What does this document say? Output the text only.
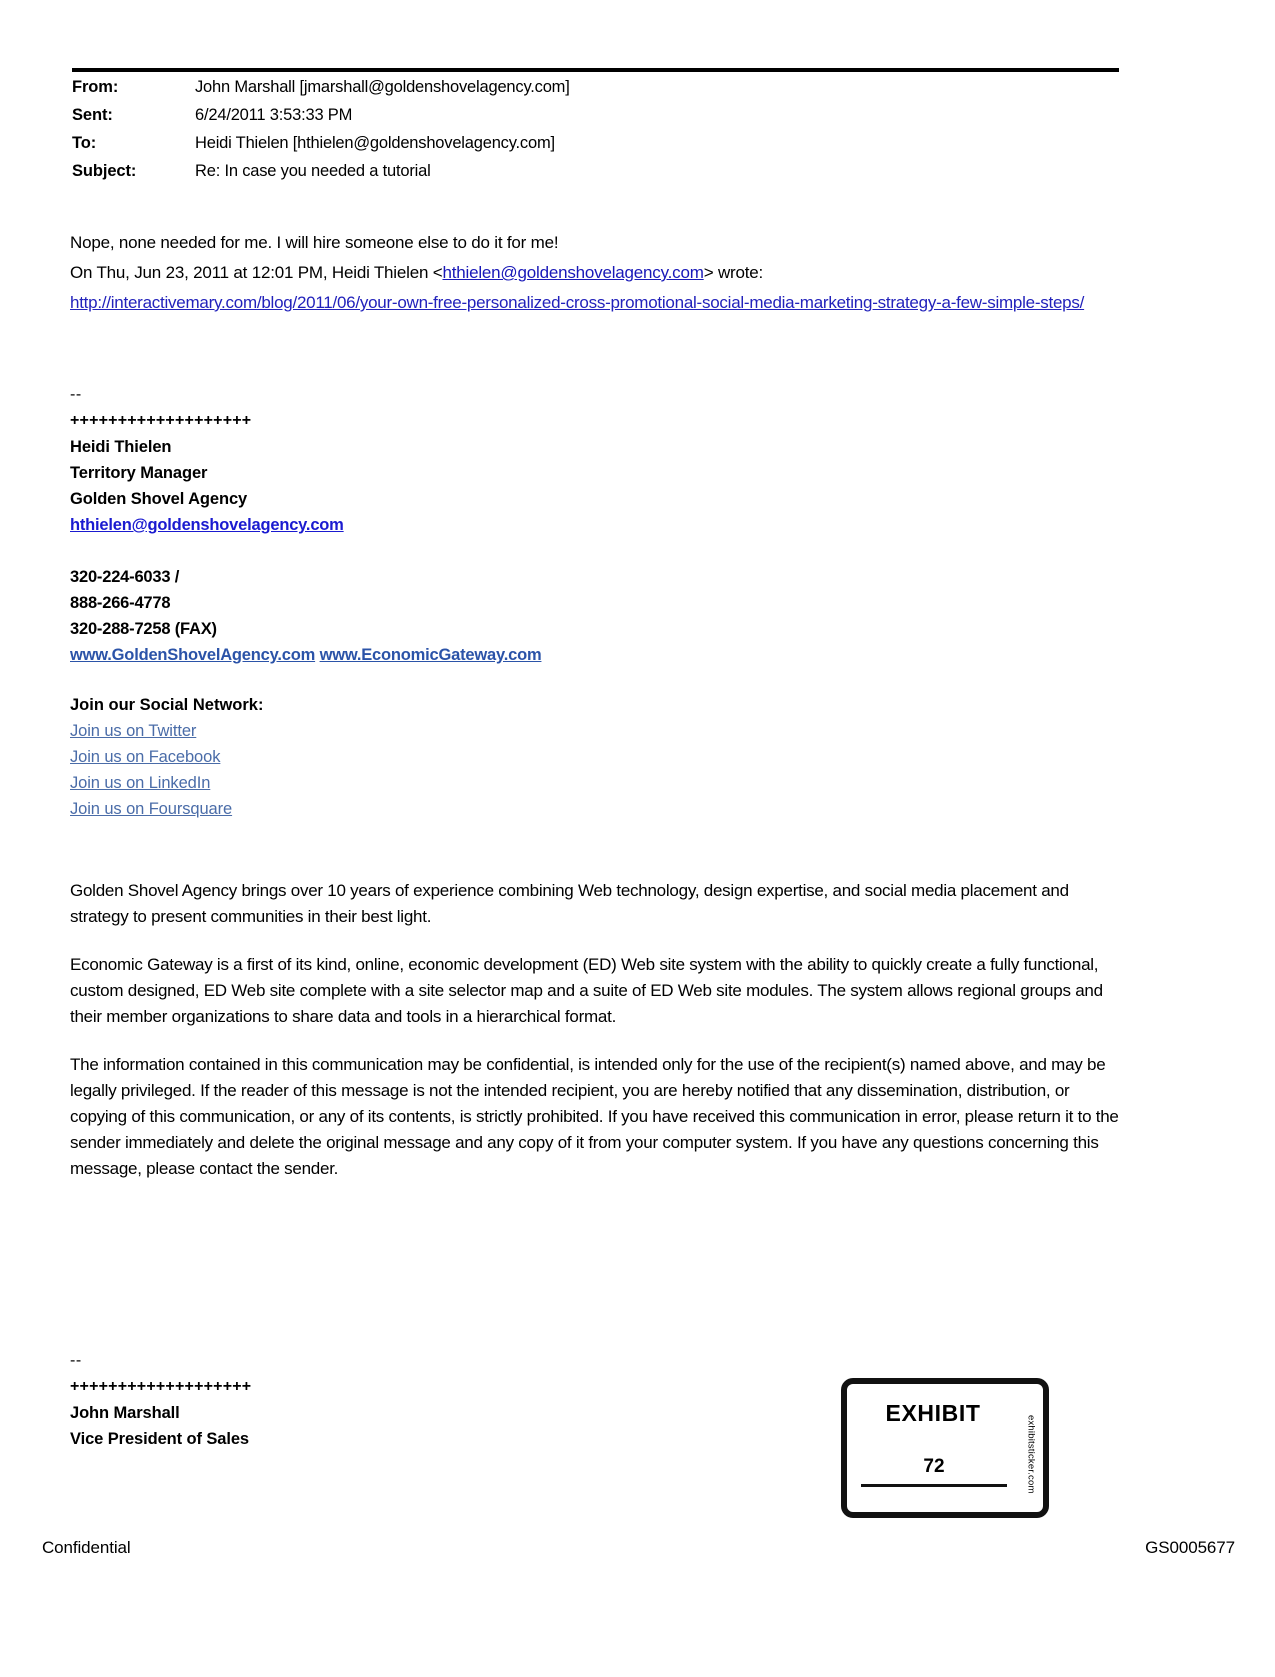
From:	John Marshall [jmarshall@goldenshovelagency.com]
Sent:	6/24/2011 3:53:33 PM
To:	Heidi Thielen [hthielen@goldenshovelagency.com]
Subject:	Re: In case you needed a tutorial
Nope, none needed for me. I will hire someone else to do it for me!
On Thu, Jun 23, 2011 at 12:01 PM, Heidi Thielen <hthielen@goldenshovelagency.com> wrote:
http://interactivemary.com/blog/2011/06/your-own-free-personalized-cross-promotional-social-media-marketing-strategy-a-few-simple-steps/
--
+++++++++++++++++++
Heidi Thielen
Territory Manager
Golden Shovel Agency
hthielen@goldenshovelagency.com
320-224-6033 /
888-266-4778
320-288-7258 (FAX)
www.GoldenShovelAgency.com www.EconomicGateway.com
Join our Social Network:
Join us on Twitter
Join us on Facebook
Join us on LinkedIn
Join us on Foursquare
Golden Shovel Agency brings over 10 years of experience combining Web technology, design expertise, and social media placement and strategy to present communities in their best light.
Economic Gateway is a first of its kind, online, economic development (ED) Web site system with the ability to quickly create a fully functional, custom designed, ED Web site complete with a site selector map and a suite of ED Web site modules. The system allows regional groups and their member organizations to share data and tools in a hierarchical format.
The information contained in this communication may be confidential, is intended only for the use of the recipient(s) named above, and may be legally privileged. If the reader of this message is not the intended recipient, you are hereby notified that any dissemination, distribution, or copying of this communication, or any of its contents, is strictly prohibited. If you have received this communication in error, please return it to the sender immediately and delete the original message and any copy of it from your computer system. If you have any questions concerning this message, please contact the sender.
--
+++++++++++++++++++
John Marshall
Vice President of Sales
EXHIBIT
72	exhibitsticker.com
Confidential	GS0005677
